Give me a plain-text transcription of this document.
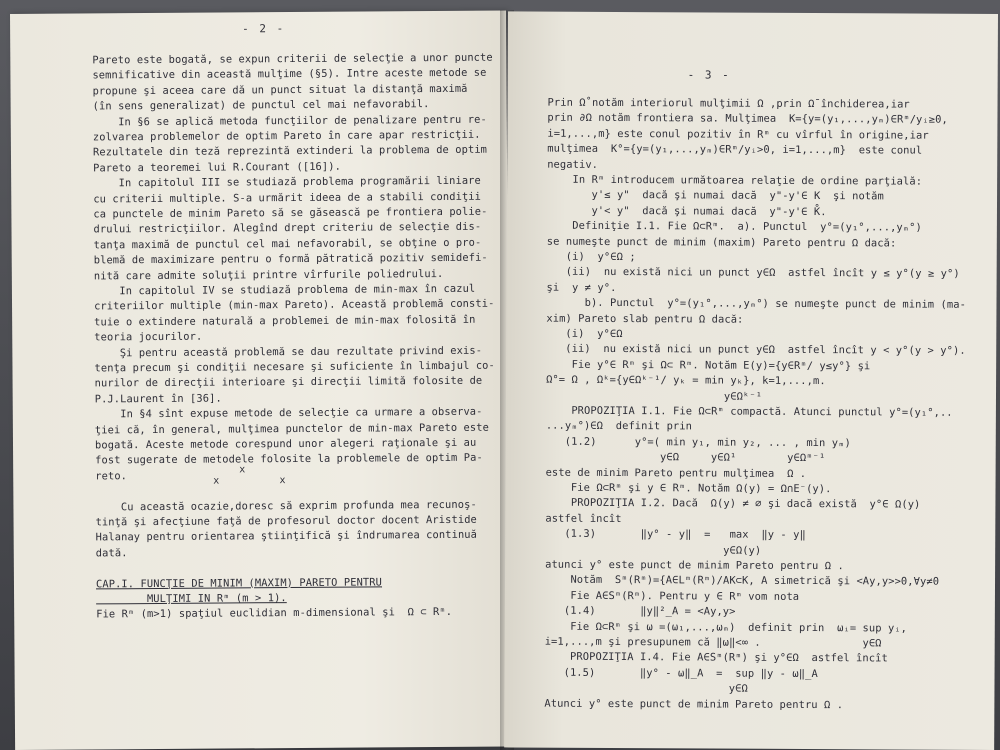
- 2 -
Pareto este bogată, se expun criterii de selecţie a unor puncte
semnificative din această mulţime (§5). Intre aceste metode se
propune şi aceea care dă un punct situat la distanţă maximă
(în sens generalizat) de punctul cel mai nefavorabil.
In §6 se aplică metoda funcţiilor de penalizare pentru re-
zolvarea problemelor de optim Pareto în care apar restricţii.
Rezultatele din teză reprezintă extinderi la problema de optim
Pareto a teoremei lui R.Courant ([16]).
In capitolul III se studiază problema programării liniare
cu criterii multiple. S-a urmărit ideea de a stabili condiţii
ca punctele de minim Pareto să se găsească pe frontiera polie-
drului restricţiilor. Alegînd drept criteriu de selecţie dis-
tanţa maximă de punctul cel mai nefavorabil, se obţine o pro-
blemă de maximizare pentru o formă pătratică pozitiv semidefi-
nită care admite soluţii printre vîrfurile poliedrului.
In capitolul IV se studiază problema de min-max în cazul
criteriilor multiple (min-max Pareto). Această problemă consti-
tuie o extindere naturală a problemei de min-max folosită în
teoria jocurilor.
Şi pentru această problemă se dau rezultate privind exis-
tenţa precum şi condiţii necesare şi suficiente în limbajul co-
nurilor de direcţii interioare şi direcţii limită folosite de
P.J.Laurent în [36].
In §4 sînt expuse metode de selecţie ca urmare a observa-
ţiei că, în general, mulţimea punctelor de min-max Pareto este
bogată. Aceste metode corespund unor alegeri raţionale şi au
fost sugerate de metodele folosite la problemele de optim Pa-
reto.
Cu această ocazie,doresc să exprim profunda mea recunoş-
tinţă şi afecţiune faţă de profesorul doctor docent Aristide
Halanay pentru orientarea ştiinţifică şi îndrumarea continuă
dată.
CAP.I. FUNCŢIE DE MINIM (MAXIM) PARETO PENTRU
MULŢIMI IN Rᵐ (m > 1).
Fie Rᵐ (m>1) spaţiul euclidian m-dimensional şi  Ω ⊂ Rᵐ.
x
x          x
- 3 -
Prin Ω̊ notăm interiorul mulţimii Ω ,prin Ω̄ închiderea,iar
prin ∂Ω notăm frontiera sa. Mulţimea  K={y=(y₁,...,yₘ)∈Rᵐ/yᵢ≥0,
i=1,...,m} este conul pozitiv în Rᵐ cu vîrful în origine,iar
mulţimea  K°={y=(y₁,...,yₘ)∈Rᵐ/yᵢ>0, i=1,...,m}  este conul
negativ.
In Rᵐ introducem următoarea relaţie de ordine parţială:
y'≤ y"  dacă şi numai dacă  y"-y'∈ K  şi notăm
y'< y"  dacă şi numai dacă  y"-y'∈ K̊.
Definiţie I.1. Fie Ω⊂Rᵐ.  a). Punctul  y°=(y₁°,...,yₘ°)
se numeşte punct de minim (maxim) Pareto pentru Ω dacă:
(i)  y°∈Ω ;
(ii)  nu există nici un punct y∈Ω  astfel încît y ≤ y°(y ≥ y°)
şi  y ≠ y°.
b). Punctul  y°=(y₁°,...,yₘ°) se numeşte punct de minim (ma-
xim) Pareto slab pentru Ω dacă:
(i)  y°∈Ω
(ii)  nu există nici un punct y∈Ω  astfel încît y < y°(y > y°).
Fie y°∈ Rᵐ şi Ω⊂ Rᵐ. Notăm E(y)={y∈Rᵐ/ y≤y°} şi
Ω°= Ω , Ωᵏ={y∈Ωᵏ⁻¹/ yₖ = min yₖ}, k=1,...,m.
y∈Ωᵏ⁻¹
PROPOZIŢIA I.1. Fie Ω⊂Rᵐ compactă. Atunci punctul y°=(y₁°,..
...yₘ°)∈Ω  definit prin
(1.2)      y°=( min y₁, min y₂, ... , min yₘ)
y∈Ω     y∈Ω¹        y∈Ωᵐ⁻¹
este de minim Pareto pentru mulţimea  Ω .
Fie Ω⊂Rᵐ şi y ∈ Rᵐ. Notăm Ω(y) = Ω∩E⁻(y).
PROPOZIŢIA I.2. Dacă  Ω(y) ≠ ∅ şi dacă există  y°∈ Ω(y)
astfel încît
(1.3)       ‖y° - y‖  =   max  ‖y - y‖
y∈Ω(y)
atunci y° este punct de minim Pareto pentru Ω .
Notăm  Sᵐ(Rᵐ)={A∈Lᵐ(Rᵐ)/AK⊂K, A simetrică şi <Ay,y>>0,∀y≠0
Fie A∈Sᵐ(Rᵐ). Pentru y ∈ Rᵐ vom nota
(1.4)       ‖y‖²_A = <Ay,y>
Fie Ω⊂Rᵐ şi ω =(ω₁,...,ωₘ)  definit prin  ωᵢ= sup yᵢ,
i=1,...,m şi presupunem că ‖ω‖<∞ .                y∈Ω
PROPOZIŢIA I.4. Fie A∈Sᵐ(Rᵐ) şi y°∈Ω  astfel încît
(1.5)       ‖y° - ω‖_A  =  sup ‖y - ω‖_A
y∈Ω
Atunci y° este punct de minim Pareto pentru Ω .
